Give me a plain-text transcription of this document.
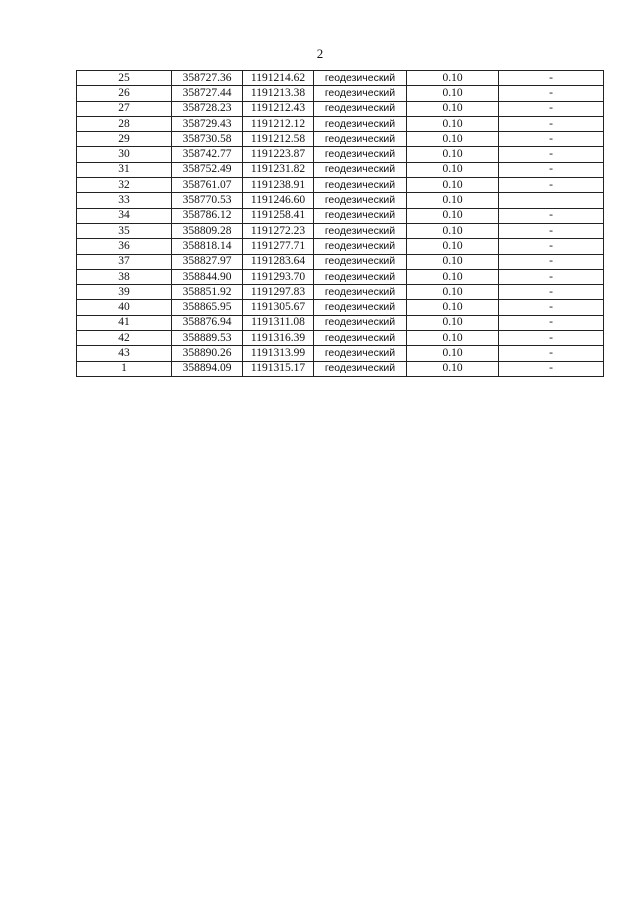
2
25	358727.36	1191214.62	геодезический	0.10	-
26	358727.44	1191213.38	геодезический	0.10	-
27	358728.23	1191212.43	геодезический	0.10	-
28	358729.43	1191212.12	геодезический	0.10	-
29	358730.58	1191212.58	геодезический	0.10	-
30	358742.77	1191223.87	геодезический	0.10	-
31	358752.49	1191231.82	геодезический	0.10	-
32	358761.07	1191238.91	геодезический	0.10	-
33	358770.53	1191246.60	геодезический	0.10	
34	358786.12	1191258.41	геодезический	0.10	-
35	358809.28	1191272.23	геодезический	0.10	-
36	358818.14	1191277.71	геодезический	0.10	-
37	358827.97	1191283.64	геодезический	0.10	-
38	358844.90	1191293.70	геодезический	0.10	-
39	358851.92	1191297.83	геодезический	0.10	-
40	358865.95	1191305.67	геодезический	0.10	-
41	358876.94	1191311.08	геодезический	0.10	-
42	358889.53	1191316.39	геодезический	0.10	-
43	358890.26	1191313.99	геодезический	0.10	-
1	358894.09	1191315.17	геодезический	0.10	-
